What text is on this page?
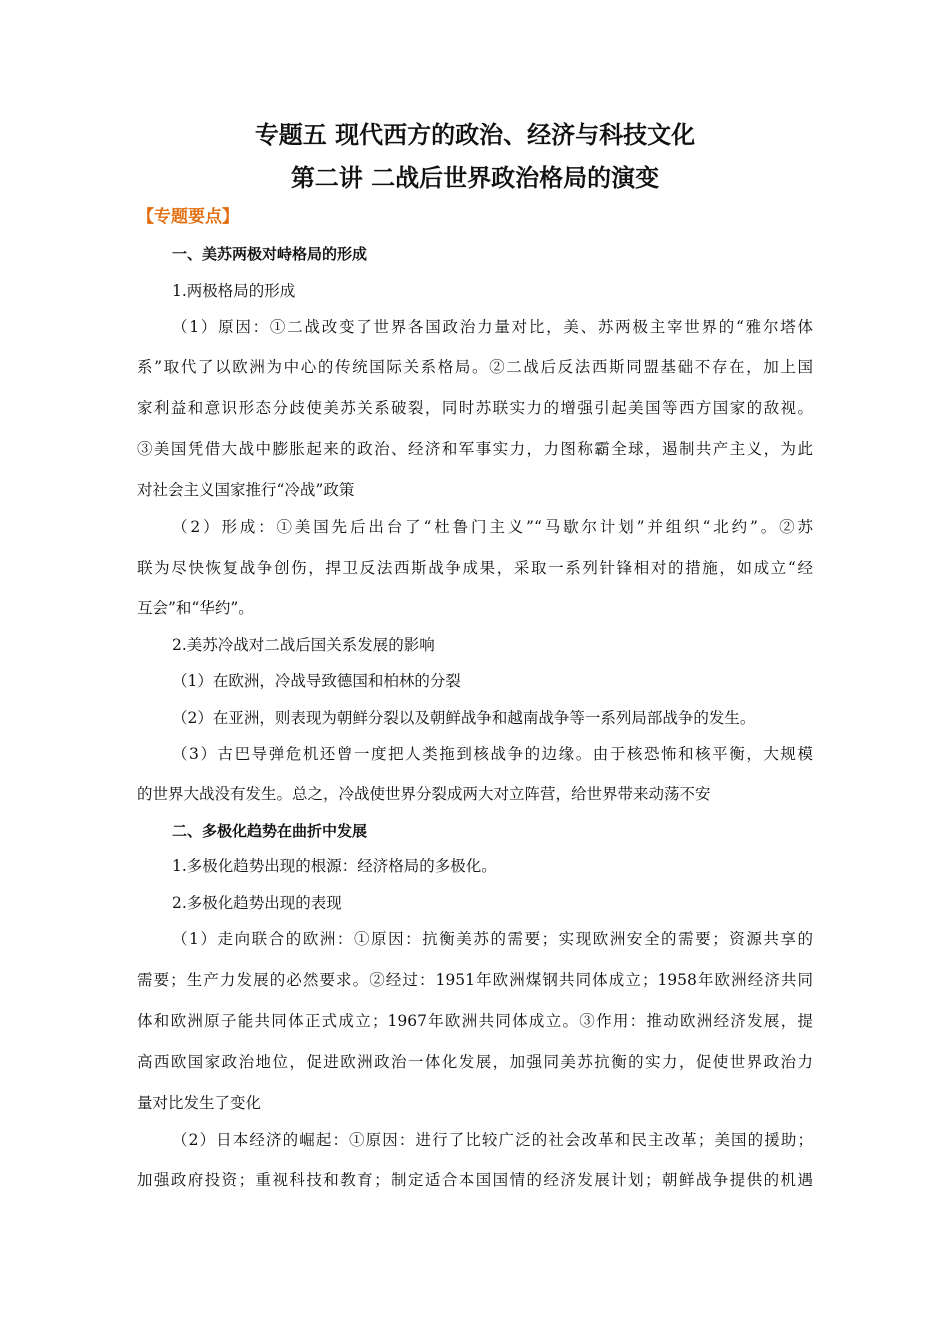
专题五 现代西方的政治、经济与科技文化
第二讲 二战后世界政治格局的演变
【专题要点】
一、美苏两极对峙格局的形成
1.两极格局的形成
（1）原因：①二战改变了世界各国政治力量对比，美、苏两极主宰世界的“雅尔塔体
系”取代了以欧洲为中心的传统国际关系格局。②二战后反法西斯同盟基础不存在，加上国
家利益和意识形态分歧使美苏关系破裂，同时苏联实力的增强引起美国等西方国家的敌视。
③美国凭借大战中膨胀起来的政治、经济和军事实力，力图称霸全球，遏制共产主义，为此
对社会主义国家推行“冷战”政策
（2）形成：①美国先后出台了“杜鲁门主义”“马歇尔计划”并组织“北约”。②苏
联为尽快恢复战争创伤，捍卫反法西斯战争成果，采取一系列针锋相对的措施，如成立“经
互会”和“华约”。
2.美苏冷战对二战后国关系发展的影响
（1）在欧洲，冷战导致德国和柏林的分裂
（2）在亚洲，则表现为朝鲜分裂以及朝鲜战争和越南战争等一系列局部战争的发生。
（3）古巴导弹危机还曾一度把人类拖到核战争的边缘。由于核恐怖和核平衡，大规模
的世界大战没有发生。总之，冷战使世界分裂成两大对立阵营，给世界带来动荡不安
二、多极化趋势在曲折中发展
1.多极化趋势出现的根源：经济格局的多极化。
2.多极化趋势出现的表现
（1）走向联合的欧洲：①原因：抗衡美苏的需要；实现欧洲安全的需要；资源共享的
需要；生产力发展的必然要求。②经过：1951年欧洲煤钢共同体成立；1958年欧洲经济共同
体和欧洲原子能共同体正式成立；1967年欧洲共同体成立。③作用：推动欧洲经济发展，提
高西欧国家政治地位，促进欧洲政治一体化发展，加强同美苏抗衡的实力，促使世界政治力
量对比发生了变化
（2）日本经济的崛起：①原因：进行了比较广泛的社会改革和民主改革；美国的援助；
加强政府投资；重视科技和教育；制定适合本国国情的经济发展计划；朝鲜战争提供的机遇
